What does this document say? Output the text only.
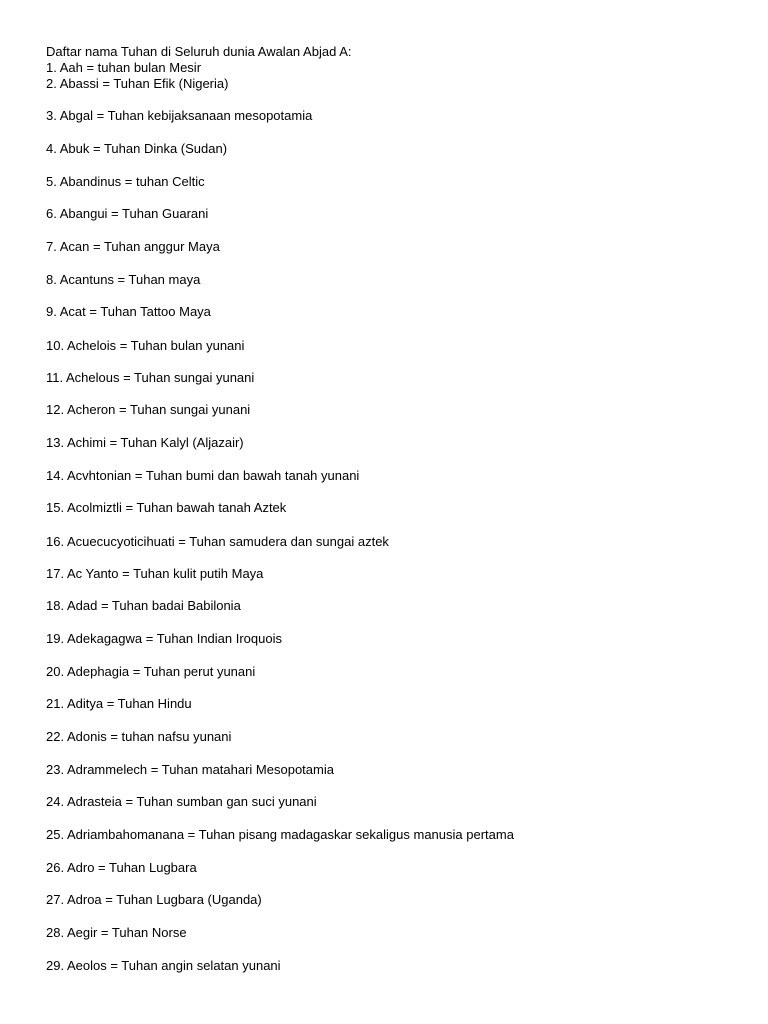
Daftar nama Tuhan di Seluruh dunia Awalan Abjad A:

1. Aah = tuhan bulan Mesir

2. Abassi = Tuhan Efik (Nigeria)

3. Abgal = Tuhan kebijaksanaan mesopotamia

4. Abuk = Tuhan Dinka (Sudan)

5. Abandinus = tuhan Celtic

6. Abangui = Tuhan Guarani

7. Acan = Tuhan anggur Maya

8. Acantuns = Tuhan maya

9. Acat = Tuhan Tattoo Maya

10. Achelois = Tuhan bulan yunani

11. Achelous = Tuhan sungai yunani

12. Acheron = Tuhan sungai yunani

13. Achimi = Tuhan Kalyl (Aljazair)

14. Acvhtonian = Tuhan bumi dan bawah tanah yunani

15. Acolmiztli = Tuhan bawah tanah Aztek

16. Acuecucyoticihuati = Tuhan samudera dan sungai aztek

17. Ac Yanto = Tuhan kulit putih Maya

18. Adad = Tuhan badai Babilonia

19. Adekagagwa = Tuhan Indian Iroquois

20. Adephagia = Tuhan perut yunani

21. Aditya = Tuhan Hindu

22. Adonis = tuhan nafsu yunani

23. Adrammelech = Tuhan matahari Mesopotamia

24. Adrasteia = Tuhan sumban gan suci yunani

25. Adriambahomanana = Tuhan pisang madagaskar sekaligus manusia pertama

26. Adro = Tuhan Lugbara

27. Adroa = Tuhan Lugbara (Uganda)

28. Aegir = Tuhan Norse

29. Aeolos = Tuhan angin selatan yunani
